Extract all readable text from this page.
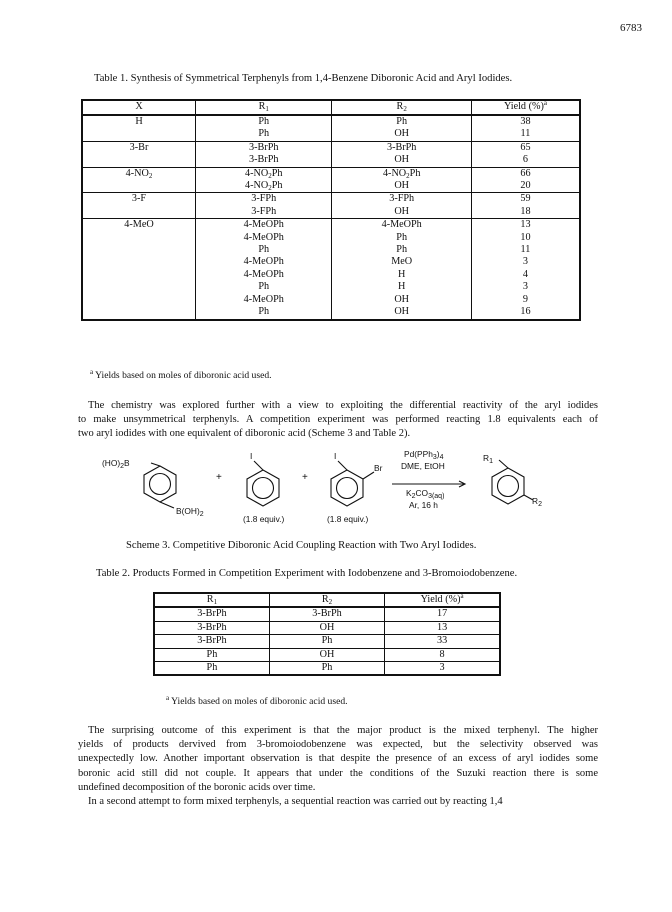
6783
Table 1. Synthesis of Symmetrical Terphenyls from 1,4-Benzene Diboronic Acid and Aryl Iodides.
X	$R_1$	$R_2$	Yield (%)$^a$
H	Ph	Ph	38
	Ph	OH	11
3-Br	3-BrPh	3-BrPh	65
	3-BrPh	OH	6
$4-NO_2$	$4-NO_2Ph$	$4-NO_2Ph$	66
	$4-NO_2Ph$	OH	20
3-F	3-FPh	3-FPh	59
	3-FPh	OH	18
4-MeO	4-MeOPh	4-MeOPh	13
	4-MeOPh	Ph	10
	Ph	Ph	11
	4-MeOPh	MeO	3
	4-MeOPh	H	4
	Ph	H	3
	4-MeOPh	OH	9
	Ph	OH	16
$^a$ Yields based on moles of diboronic acid used.
The chemistry was explored further with a view to exploiting the differential reactivity of the aryl iodides
to make unsymmetrical terphenyls. A competition experiment was performed reacting 1.8 equivalents each of
two aryl iodides with one equivalent of diboronic acid (Scheme 3 and Table 2).
$(HO)_2B$
$B(OH)_2$
+
I
(1.8 equiv.)
+
I
Br
(1.8 equiv.)
$Pd(PPh_3)_4$
DME, EtOH
$K_2CO_{3(aq)}$
Ar, 16 h
$R_1$
$R_2$
Scheme 3. Competitive Diboronic Acid Coupling Reaction with Two Aryl Iodides.
Table 2. Products Formed in Competition Experiment with Iodobenzene and 3-Bromoiodobenzene.
$R_1$	$R_2$	Yield (%)$^a$
3-BrPh	3-BrPh	17
3-BrPh	OH	13
3-BrPh	Ph	33
Ph	OH	8
Ph	Ph	3
$^a$ Yields based on moles of diboronic acid used.
The surprising outcome of this experiment is that the major product is the mixed terphenyl. The higher
yields of products dervived from 3-bromoiodobenzene was expected, but the selectivity observed was
unexpectedly low. Another important observation is that despite the presence of an excess of aryl iodides some
boronic acid still did not couple. It appears that under the conditions of the Suzuki reaction there is some
undefined decomposition of the boronic acids over time.
In a second attempt to form mixed terphenyls, a sequential reaction was carried out by reacting 1,4
